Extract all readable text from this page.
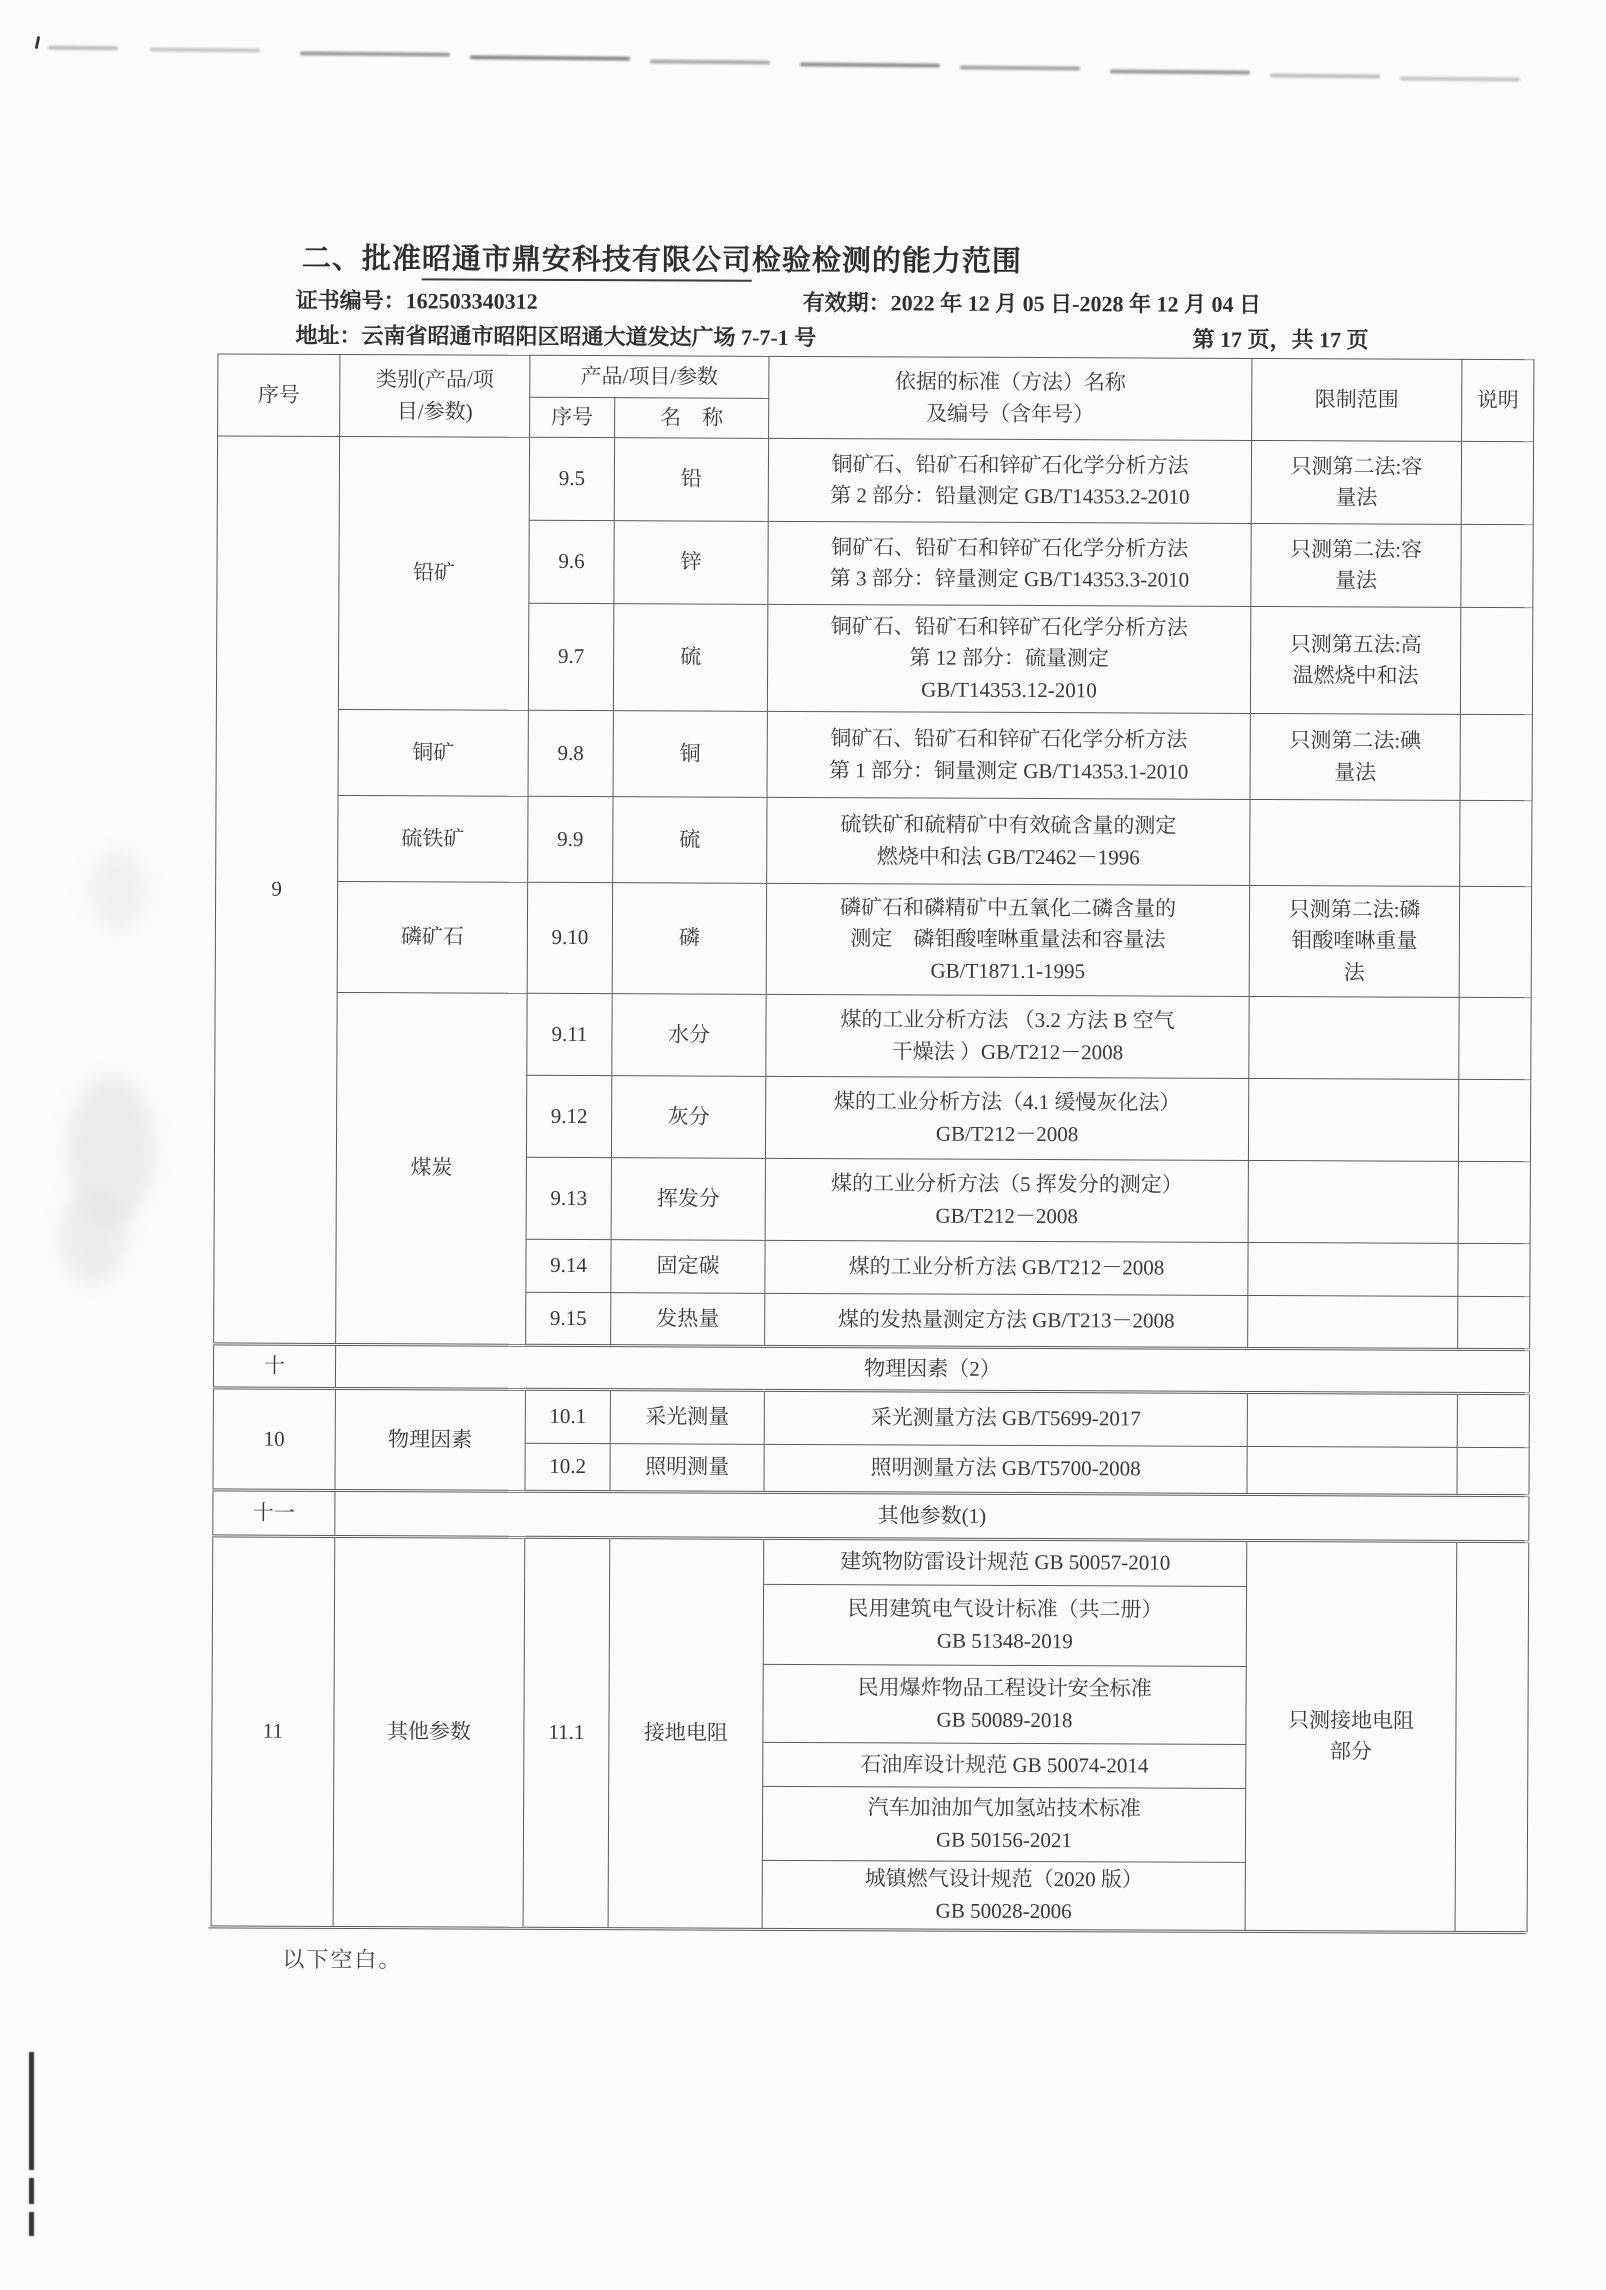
二、批准昭通市鼎安科技有限公司检验检测的能力范围
证书编号：162503340312	有效期：2022 年 12 月 05 日-2028 年 12 月 04 日
地址：云南省昭通市昭阳区昭通大道发达广场 7-7-1 号	第 17 页，共 17 页
序号	类别(产品/项
目/参数)	产品/项目/参数		依据的标准（方法）名称
及编号（含年号）	限制范围	说明
		序号	名　称			
9	铅矿	9.5	铅	铜矿石、铅矿石和锌矿石化学分析方法
第 2 部分：铅量测定 GB/T14353.2-2010	只测第二法:容
量法	
		9.6	锌	铜矿石、铅矿石和锌矿石化学分析方法
第 3 部分：锌量测定 GB/T14353.3-2010	只测第二法:容
量法	
		9.7	硫	铜矿石、铅矿石和锌矿石化学分析方法
第 12 部分：硫量测定
GB/T14353.12-2010	只测第五法:高
温燃烧中和法	
	铜矿	9.8	铜	铜矿石、铅矿石和锌矿石化学分析方法
第 1 部分：铜量测定 GB/T14353.1-2010	只测第二法:碘
量法	
	硫铁矿	9.9	硫	硫铁矿和硫精矿中有效硫含量的测定
燃烧中和法 GB/T2462－1996		
	磷矿石	9.10	磷	磷矿石和磷精矿中五氧化二磷含量的
测定　磷钼酸喹啉重量法和容量法
GB/T1871.1-1995	只测第二法:磷
钼酸喹啉重量
法	
	煤炭	9.11	水分	煤的工业分析方法 （3.2 方法 B 空气
干燥法 ）GB/T212－2008		
		9.12	灰分	煤的工业分析方法（4.1 缓慢灰化法）
GB/T212－2008		
		9.13	挥发分	煤的工业分析方法（5 挥发分的测定）
GB/T212－2008		
		9.14	固定碳	煤的工业分析方法 GB/T212－2008		
		9.15	发热量	煤的发热量测定方法 GB/T213－2008		
十	物理因素（2）					
10	物理因素	10.1	采光测量	采光测量方法 GB/T5699-2017		
		10.2	照明测量	照明测量方法 GB/T5700-2008		
十一	其他参数(1)					
11	其他参数	11.1	接地电阻	建筑物防雷设计规范 GB 50057-2010	只测接地电阻
部分	
				民用建筑电气设计标准（共二册）
GB 51348-2019		
				民用爆炸物品工程设计安全标准
GB 50089-2018		
				石油库设计规范 GB 50074-2014		
				汽车加油加气加氢站技术标准
GB 50156-2021		
				城镇燃气设计规范（2020 版）
GB 50028-2006		
以下空白。
